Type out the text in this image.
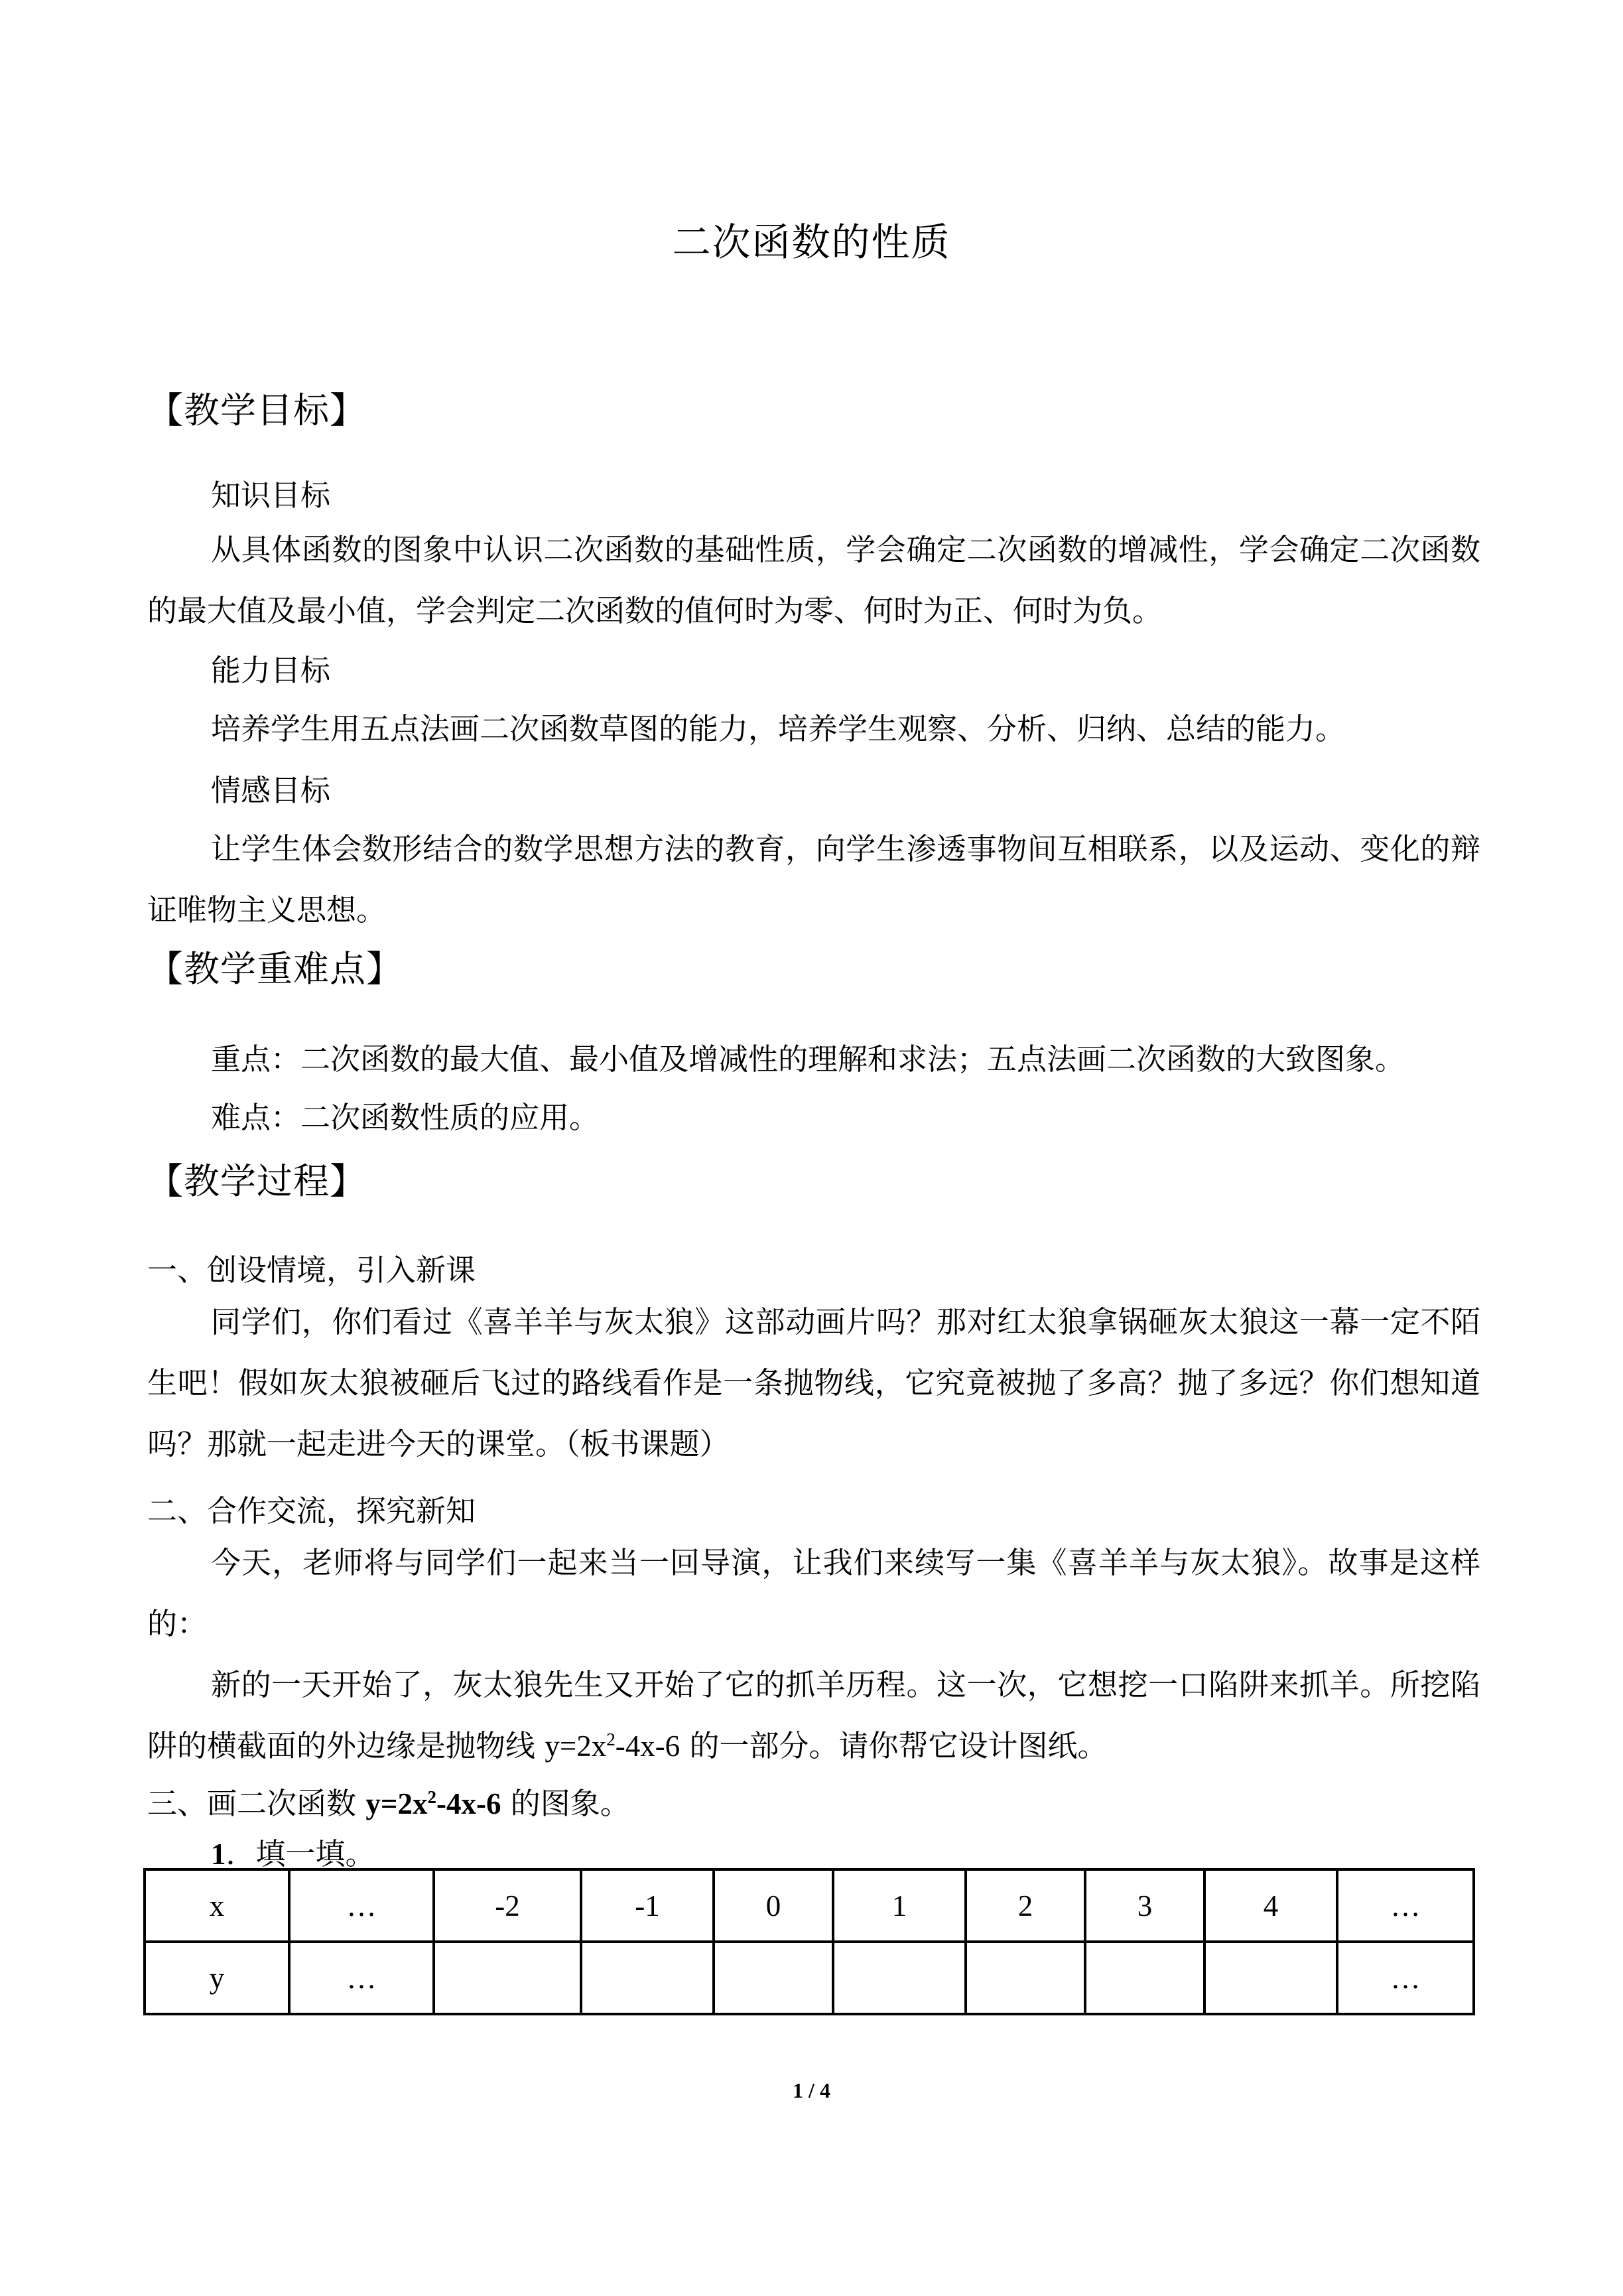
二次函数的性质
【教学目标】
知识目标
从具体函数的图象中认识二次函数的基础性质，学会确定二次函数的增减性，学会确定二次函数的最大值及最小值，学会判定二次函数的值何时为零、何时为正、何时为负。
能力目标
培养学生用五点法画二次函数草图的能力，培养学生观察、分析、归纳、总结的能力。
情感目标
让学生体会数形结合的数学思想方法的教育，向学生渗透事物间互相联系，以及运动、变化的辩证唯物主义思想。
【教学重难点】
重点：二次函数的最大值、最小值及增减性的理解和求法；五点法画二次函数的大致图象。
难点：二次函数性质的应用。
【教学过程】
一、创设情境，引入新课
同学们，你们看过《喜羊羊与灰太狼》这部动画片吗？那对红太狼拿锅砸灰太狼这一幕一定不陌生吧！假如灰太狼被砸后飞过的路线看作是一条抛物线，它究竟被抛了多高？抛了多远？你们想知道吗？那就一起走进今天的课堂。（板书课题）
二、合作交流，探究新知
今天，老师将与同学们一起来当一回导演，让我们来续写一集《喜羊羊与灰太狼》。故事是这样的：
新的一天开始了，灰太狼先生又开始了它的抓羊历程。这一次，它想挖一口陷阱来抓羊。所挖陷阱的横截面的外边缘是抛物线 $y=2x^2-4x-6$ 的一部分。请你帮它设计图纸。
三、画二次函数 $y=2x^2-4x-6$ 的图象。
1．填一填。
x	…	-2	-1	0	1	2	3	4	…
y	…								…
1 / 4
